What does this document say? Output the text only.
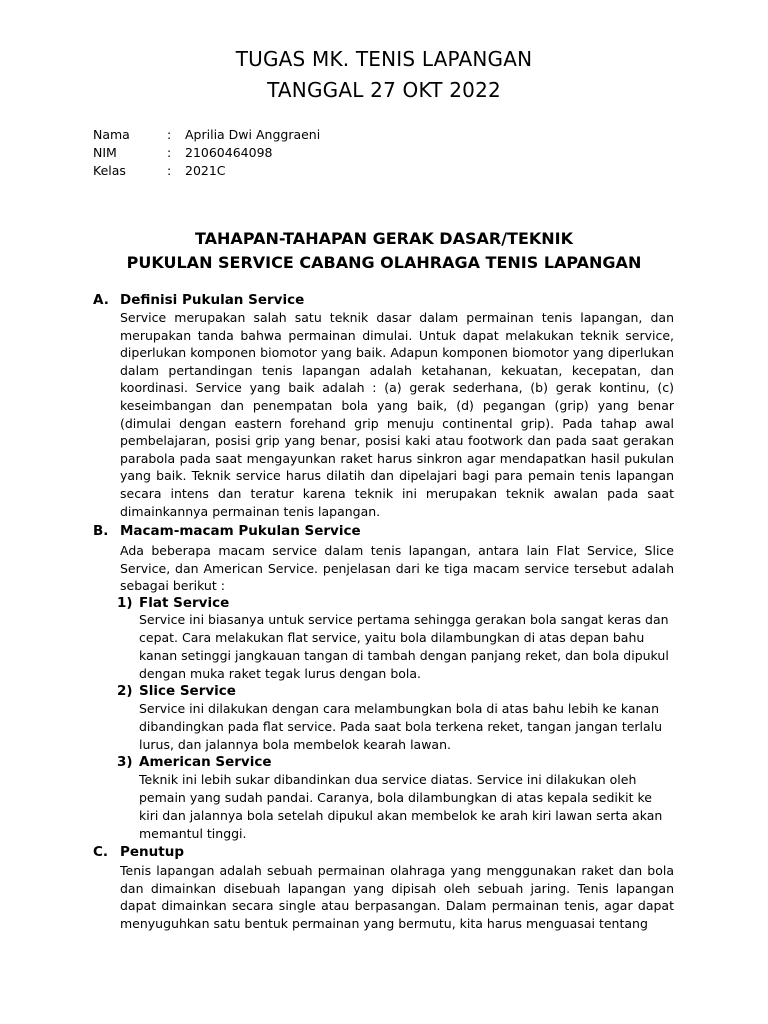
TUGAS MK. TENIS LAPANGAN
TANGGAL 27 OKT 2022
Nama	:	Aprilia Dwi Anggraeni
NIM	:	21060464098
Kelas	:	2021C
TAHAPAN-TAHAPAN GERAK DASAR/TEKNIK
PUKULAN SERVICE CABANG OLAHRAGA TENIS LAPANGAN
A. Definisi Pukulan Service

Service merupakan salah satu teknik dasar dalam permainan tenis lapangan, dan merupakan tanda bahwa permainan dimulai. Untuk dapat melakukan teknik service, diperlukan komponen biomotor yang baik. Adapun komponen biomotor yang diperlukan dalam pertandingan tenis lapangan adalah ketahanan, kekuatan, kecepatan, dan koordinasi. Service yang baik adalah : (a) gerak sederhana, (b) gerak kontinu, (c) keseimbangan dan penempatan bola yang baik, (d) pegangan (grip) yang benar (dimulai dengan eastern forehand grip menuju continental grip). Pada tahap awal pembelajaran, posisi grip yang benar, posisi kaki atau footwork dan pada saat gerakan parabola pada saat mengayunkan raket harus sinkron agar mendapatkan hasil pukulan yang baik. Teknik service harus dilatih dan dipelajari bagi para pemain tenis lapangan secara intens dan teratur karena teknik ini merupakan teknik awalan pada saat dimainkannya permainan tenis lapangan.

B. Macam-macam Pukulan Service

Ada beberapa macam service dalam tenis lapangan, antara lain Flat Service, Slice Service, dan American Service. penjelasan dari ke tiga macam service tersebut adalah sebagai berikut :

1) Flat Service

Service ini biasanya untuk service pertama sehingga gerakan bola sangat keras dan cepat. Cara melakukan flat service, yaitu bola dilambungkan di atas depan bahu kanan setinggi jangkauan tangan di tambah dengan panjang reket, dan bola dipukul dengan muka raket tegak lurus dengan bola.

2) Slice Service

Service ini dilakukan dengan cara melambungkan bola di atas bahu lebih ke kanan dibandingkan pada flat service. Pada saat bola terkena reket, tangan jangan terlalu lurus, dan jalannya bola membelok kearah lawan.

3) American Service

Teknik ini lebih sukar dibandinkan dua service diatas. Service ini dilakukan oleh pemain yang sudah pandai. Caranya, bola dilambungkan di atas kepala sedikit ke kiri dan jalannya bola setelah dipukul akan membelok ke arah kiri lawan serta akan memantul tinggi.

C. Penutup

Tenis lapangan adalah sebuah permainan olahraga yang menggunakan raket dan bola dan dimainkan disebuah lapangan yang dipisah oleh sebuah jaring. Tenis lapangan dapat dimainkan secara single atau berpasangan. Dalam permainan tenis, agar dapat menyuguhkan satu bentuk permainan yang bermutu, kita harus menguasai tentang
